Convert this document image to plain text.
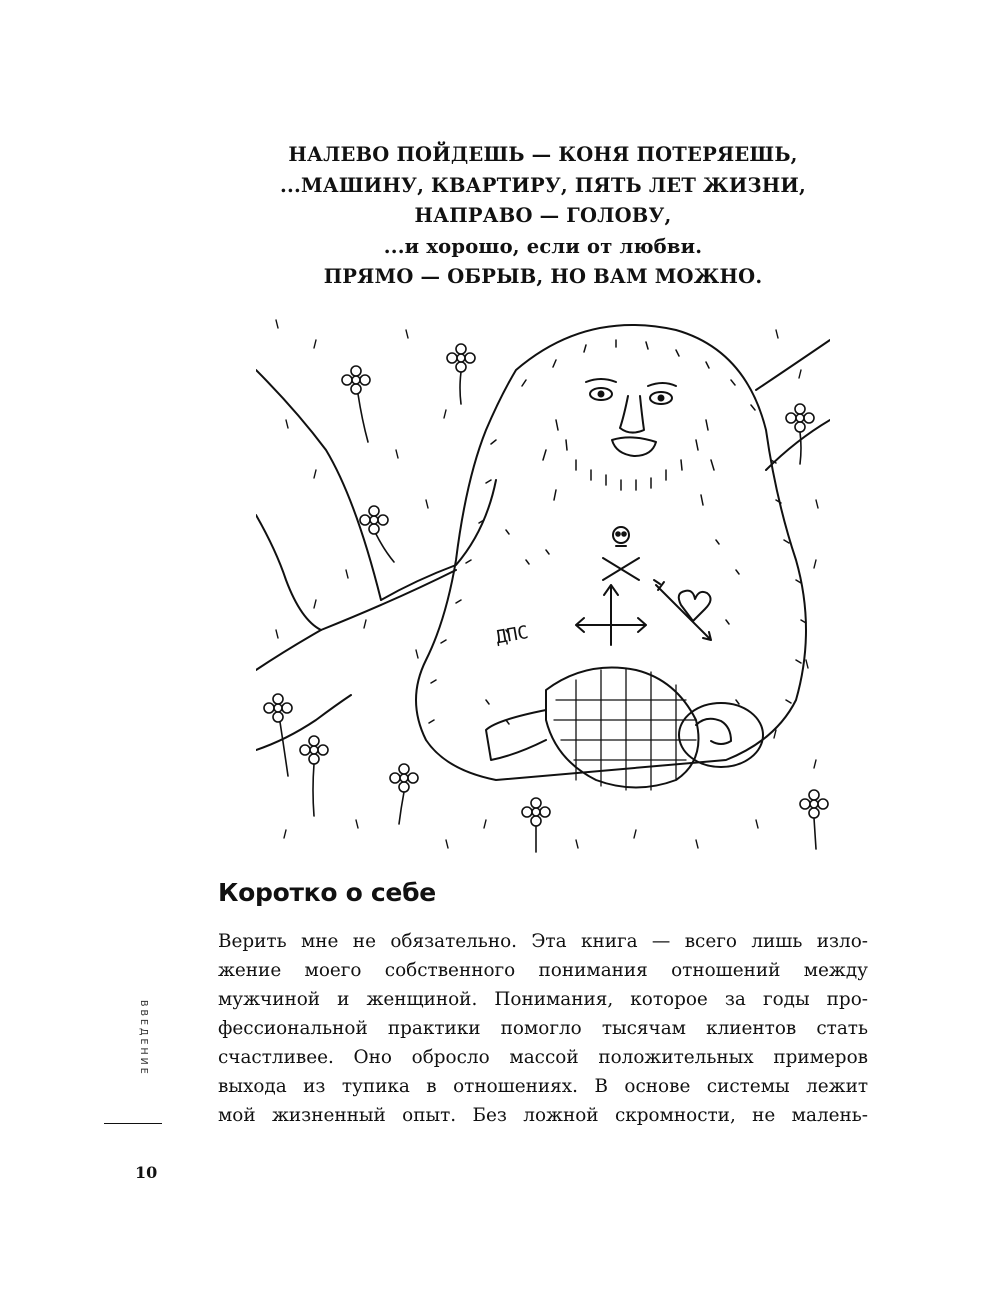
НАЛЕВО ПОЙДЕШЬ — КОНЯ ПОТЕРЯЕШЬ,
...МАШИНУ, КВАРТИРУ, ПЯТЬ ЛЕТ ЖИЗНИ,
НАПРАВО — ГОЛОВУ,
...и хорошо, если от любви.
ПРЯМО — ОБРЫВ, НО ВАМ МОЖНО.
ДПС
Коротко о себе

Верить мне не обязательно. Эта книга — всего лишь изло-
жение моего собственного понимания отношений между
мужчиной и женщиной. Понимания, которое за годы про-
фессиональной практики помогло тысячам клиентов стать
счастливее. Оно обросло массой положительных примеров
выхода из тупика в отношениях. В основе системы лежит
мой жизненный опыт. Без ложной скромности, не малень-

ВВЕДЕНИЕ
10
